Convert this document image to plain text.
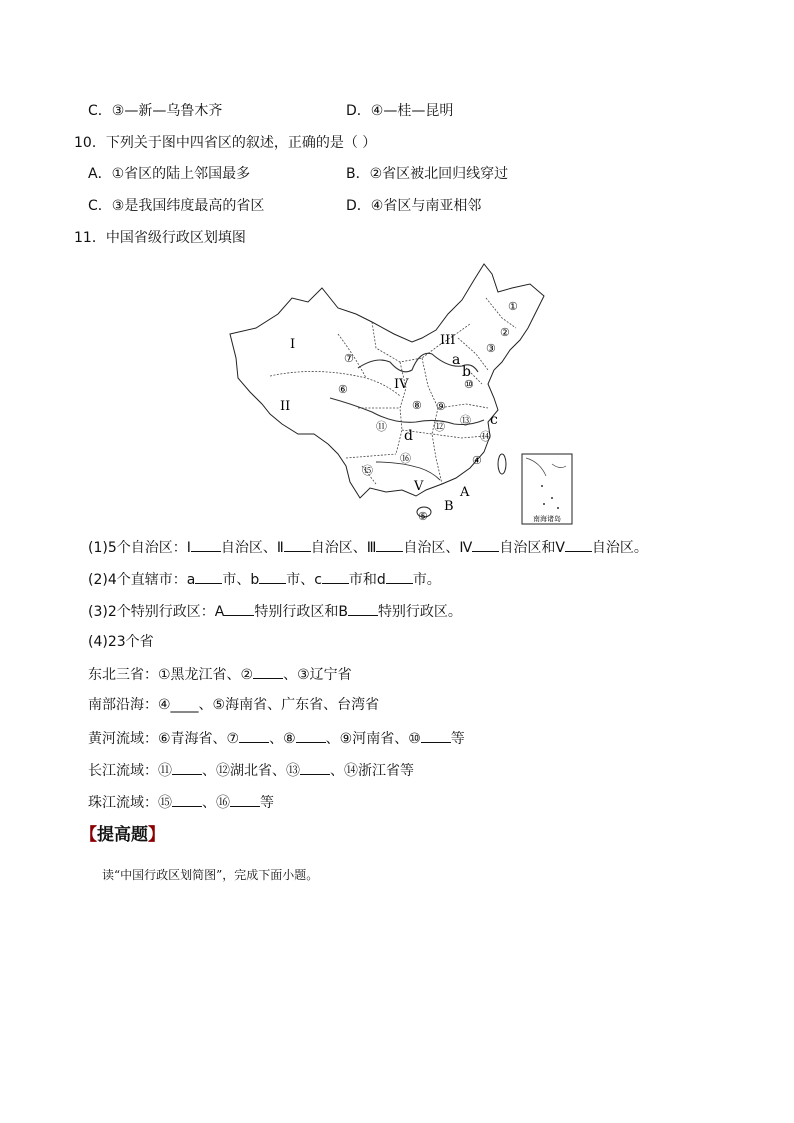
C．③—新—乌鲁木齐	D．④—桂—昆明
10．下列关于图中四省区的叙述，正确的是（ ）
A．①省区的陆上邻国最多	B．②省区被北回归线穿过
C．③是我国纬度最高的省区	D．④省区与南亚相邻
11．中国省级行政区划填图
南海诸岛
I
II
III
IV
V
①
②
③
④
⑤
⑥
⑦
⑧ ⑨
⑩
⑪	⑫ ⑬
⑭
⑮
⑯
a
b
c
d
A
B
(1)5个自治区：Ⅰ 自治区、Ⅱ 自治区、Ⅲ 自治区、Ⅳ 自治区和Ⅴ 自治区。
(2)4个直辖市：a 市、b 市、c 市和d 市。
(3)2个特别行政区：A 特别行政区和B 特别行政区。
(4)23个省
东北三省：①黑龙江省、② 、③辽宁省
南部沿海：④____、⑤海南省、广东省、台湾省
黄河流域：⑥青海省、⑦ 、⑧ 、⑨河南省、⑩ 等
长江流域：⑪ 、⑫湖北省、⑬ 、⑭浙江省等
珠江流域：⑮ 、⑯ 等
【提高题】
读“中国行政区划简图”，完成下面小题。
